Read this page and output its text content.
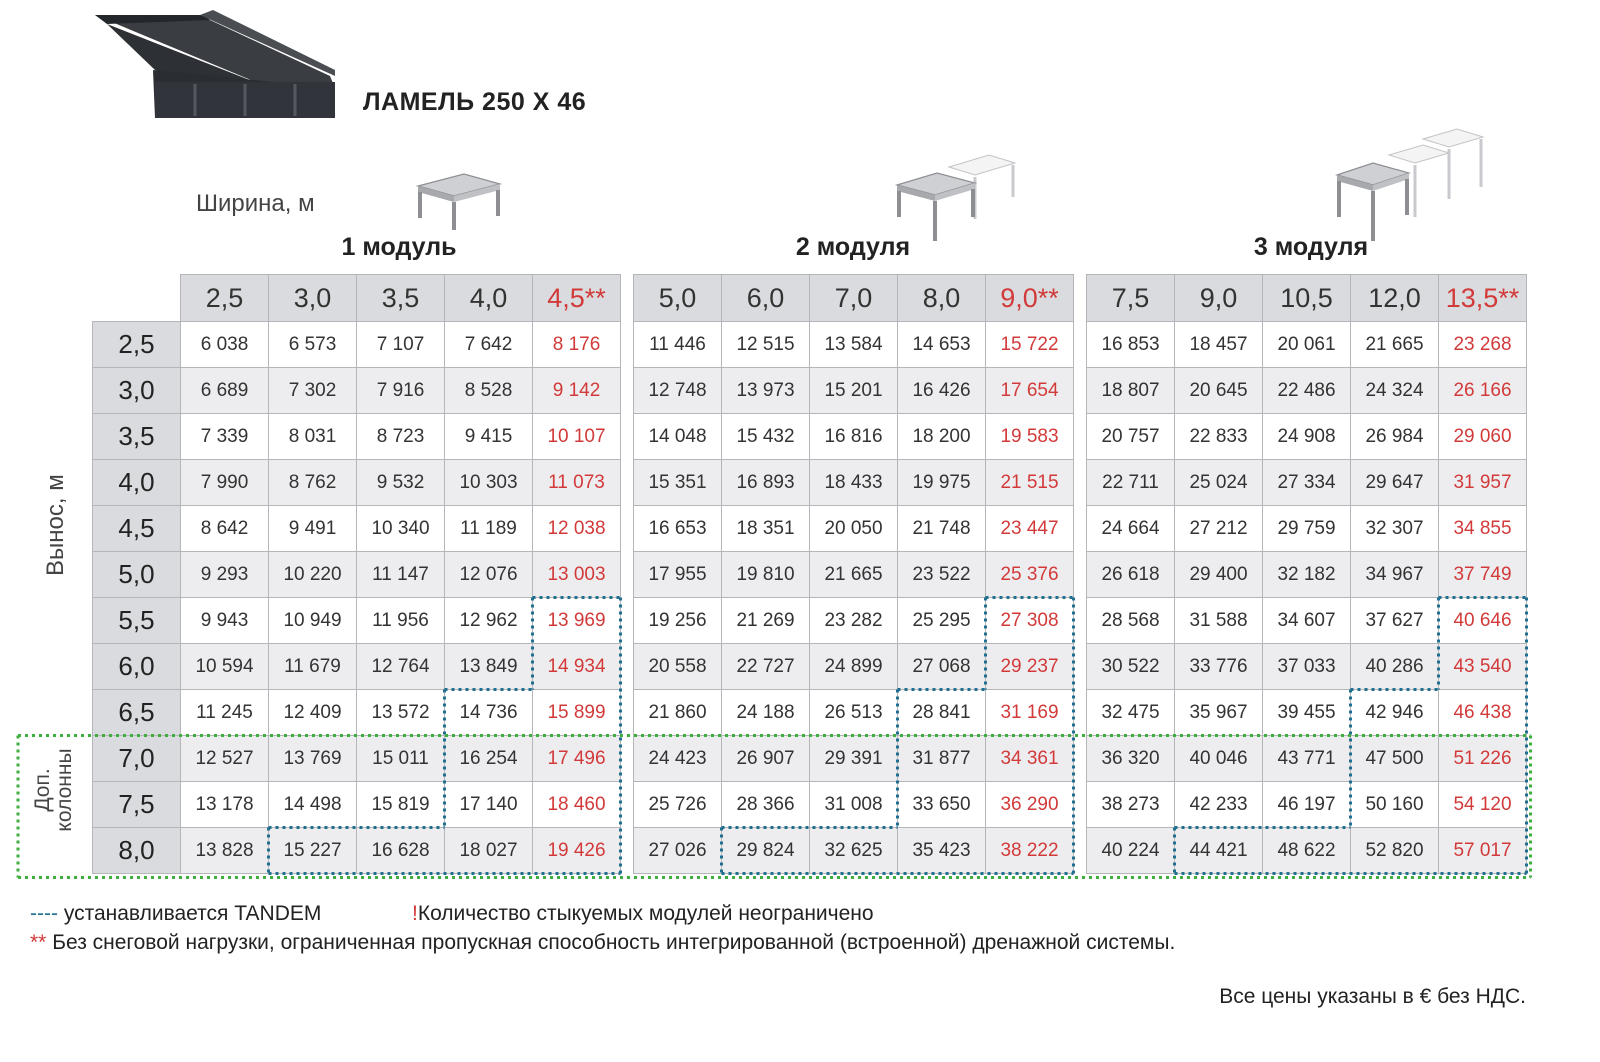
ЛАМЕЛЬ 250 Х 46
Ширина, м
1 модуль	2 модуля	3 модуля
	2,5	3,0	3,5	4,0	4,5**		5,0	6,0	7,0	8,0	9,0**		7,5	9,0	10,5	12,0	13,5**
2,5	6 038	6 573	7 107	7 642	8 176		11 446	12 515	13 584	14 653	15 722		16 853	18 457	20 061	21 665	23 268
3,0	6 689	7 302	7 916	8 528	9 142		12 748	13 973	15 201	16 426	17 654		18 807	20 645	22 486	24 324	26 166
3,5	7 339	8 031	8 723	9 415	10 107		14 048	15 432	16 816	18 200	19 583		20 757	22 833	24 908	26 984	29 060
4,0	7 990	8 762	9 532	10 303	11 073		15 351	16 893	18 433	19 975	21 515		22 711	25 024	27 334	29 647	31 957
4,5	8 642	9 491	10 340	11 189	12 038		16 653	18 351	20 050	21 748	23 447		24 664	27 212	29 759	32 307	34 855
5,0	9 293	10 220	11 147	12 076	13 003		17 955	19 810	21 665	23 522	25 376		26 618	29 400	32 182	34 967	37 749
5,5	9 943	10 949	11 956	12 962	13 969		19 256	21 269	23 282	25 295	27 308		28 568	31 588	34 607	37 627	40 646
6,0	10 594	11 679	12 764	13 849	14 934		20 558	22 727	24 899	27 068	29 237		30 522	33 776	37 033	40 286	43 540
6,5	11 245	12 409	13 572	14 736	15 899		21 860	24 188	26 513	28 841	31 169		32 475	35 967	39 455	42 946	46 438
7,0	12 527	13 769	15 011	16 254	17 496		24 423	26 907	29 391	31 877	34 361		36 320	40 046	43 771	47 500	51 226
7,5	13 178	14 498	15 819	17 140	18 460		25 726	28 366	31 008	33 650	36 290		38 273	42 233	46 197	50 160	54 120
8,0	13 828	15 227	16 628	18 027	19 426		27 026	29 824	32 625	35 423	38 222		40 224	44 421	48 622	52 820	57 017
Вынос, м
Доп. колонны
---- устанавливается TANDEM
** Без снеговой нагрузки, ограниченная пропускная способность интегрированной (встроенной) дренажной системы.
!Количество стыкуемых модулей неограничено
Все цены указаны в € без НДС.
